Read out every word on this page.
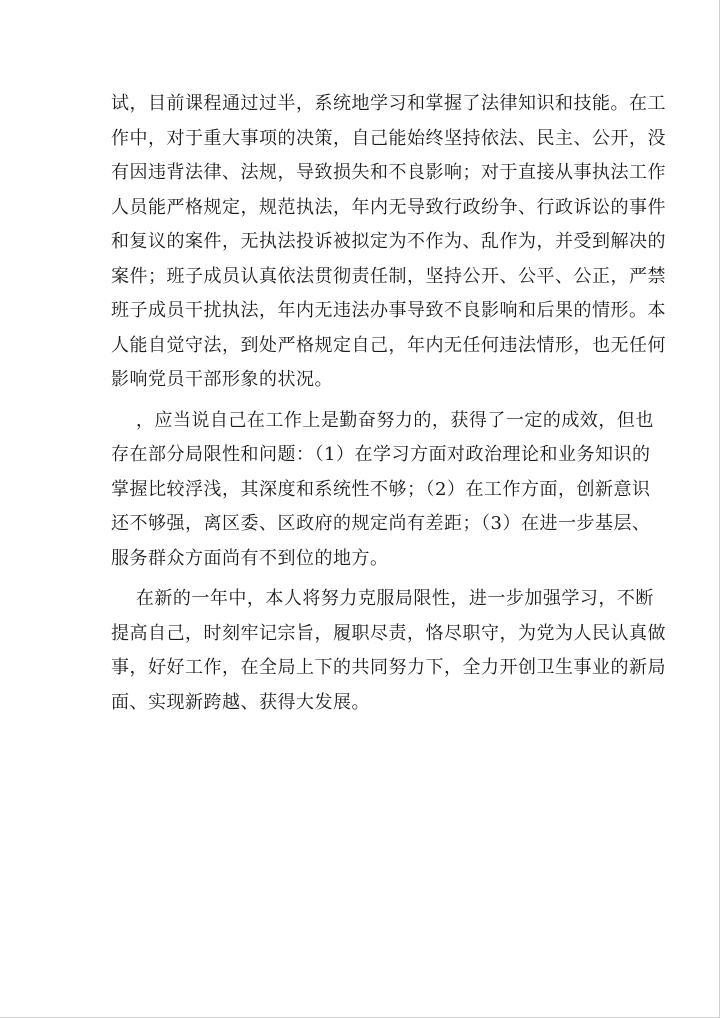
试，目前课程通过过半，系统地学习和掌握了法律知识和技能。在工
作中，对于重大事项的决策，自己能始终坚持依法、民主、公开，没
有因违背法律、法规，导致损失和不良影响；对于直接从事执法工作
人员能严格规定，规范执法，年内无导致行政纷争、行政诉讼的事件
和复议的案件，无执法投诉被拟定为不作为、乱作为，并受到解决的
案件；班子成员认真依法贯彻责任制，坚持公开、公平、公正，严禁
班子成员干扰执法，年内无违法办事导致不良影响和后果的情形。本
人能自觉守法，到处严格规定自己，年内无任何违法情形，也无任何
影响党员干部形象的状况。
，应当说自己在工作上是勤奋努力的，获得了一定的成效，但也
存在部分局限性和问题：（1）在学习方面对政治理论和业务知识的
掌握比较浮浅，其深度和系统性不够；（2）在工作方面，创新意识
还不够强，离区委、区政府的规定尚有差距；（3）在进一步基层、
服务群众方面尚有不到位的地方。
在新的一年中，本人将努力克服局限性，进一步加强学习，不断
提高自己，时刻牢记宗旨，履职尽责，恪尽职守，为党为人民认真做
事，好好工作，在全局上下的共同努力下，全力开创卫生事业的新局
面、实现新跨越、获得大发展。
